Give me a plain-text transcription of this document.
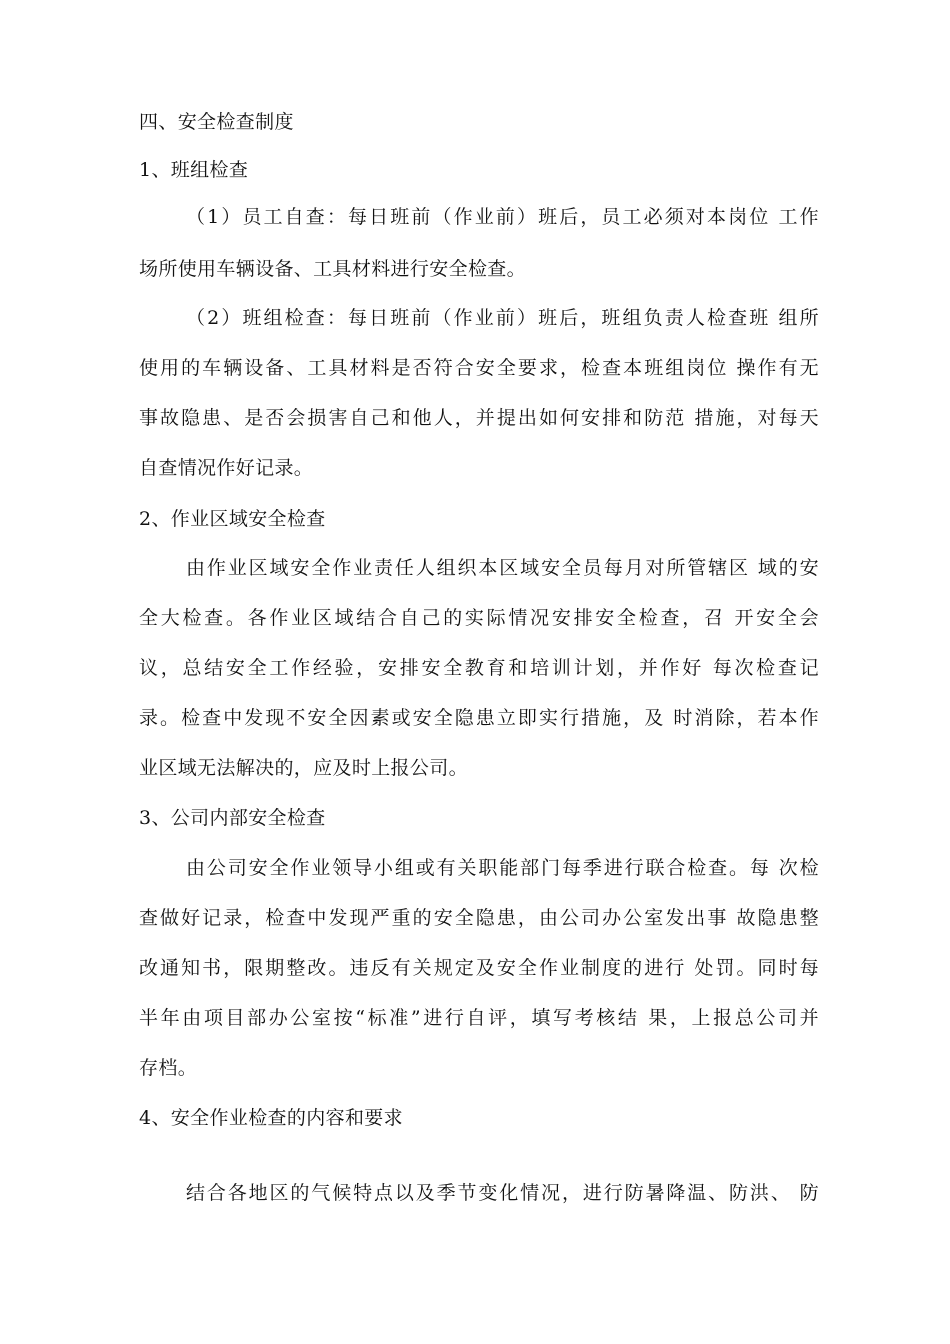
四、安全检查制度
1、班组检查
（1）员工自查：每日班前（作业前）班后，员工必须对本岗位 工作
场所使用车辆设备、工具材料进行安全检查。
（2）班组检查：每日班前（作业前）班后，班组负责人检查班 组所
使用的车辆设备、工具材料是否符合安全要求，检查本班组岗位 操作有无
事故隐患、是否会损害自己和他人，并提出如何安排和防范 措施，对每天
自查情况作好记录。
2、作业区域安全检查
由作业区域安全作业责任人组织本区域安全员每月对所管辖区 域的安
全大检查。各作业区域结合自己的实际情况安排安全检查，召 开安全会
议，总结安全工作经验，安排安全教育和培训计划，并作好 每次检查记
录。检查中发现不安全因素或安全隐患立即实行措施，及 时消除，若本作
业区域无法解决的，应及时上报公司。
3、公司内部安全检查
由公司安全作业领导小组或有关职能部门每季进行联合检查。每 次检
查做好记录，检查中发现严重的安全隐患，由公司办公室发出事 故隐患整
改通知书，限期整改。违反有关规定及安全作业制度的进行 处罚。同时每
半年由项目部办公室按“标准”进行自评，填写考核结 果，上报总公司并
存档。
4、安全作业检查的内容和要求
结合各地区的气候特点以及季节变化情况，进行防暑降温、防洪、 防
